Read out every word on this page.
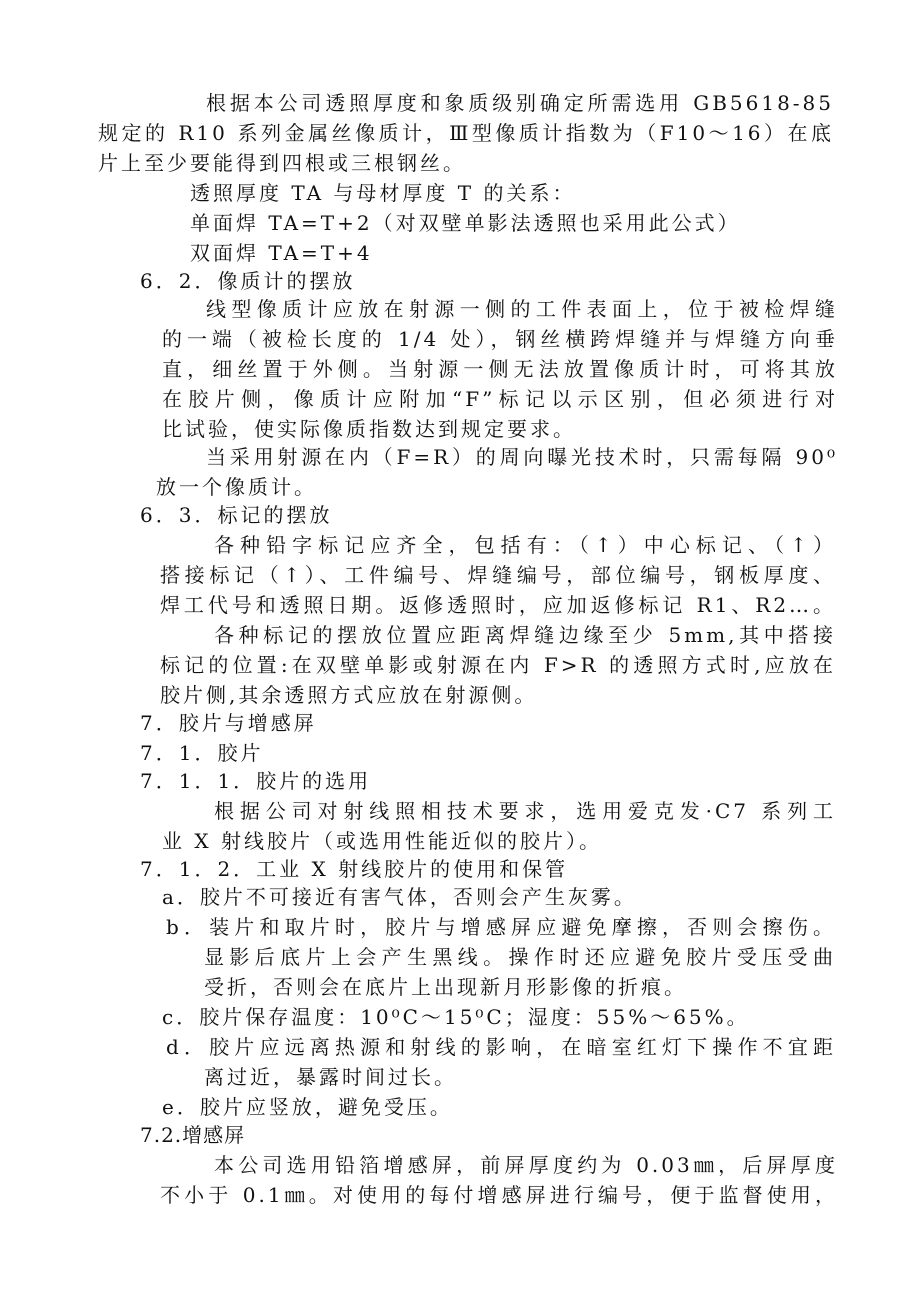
根据本公司透照厚度和象质级别确定所需选用 GB5618-85
规定的 R10 系列金属丝像质计，Ⅲ型像质计指数为（F10～16）在底
片上至少要能得到四根或三根钢丝。
透照厚度 TA 与母材厚度 T 的关系：
单面焊 TA=T+2（对双壁单影法透照也采用此公式）
双面焊 TA=T+4
6．2．像质计的摆放
线型像质计应放在射源一侧的工件表面上，位于被检焊缝
的一端（被检长度的 1/4 处），钢丝横跨焊缝并与焊缝方向垂
直，细丝置于外侧。当射源一侧无法放置像质计时，可将其放
在胶片侧，像质计应附加“F”标记以示区别，但必须进行对
比试验，使实际像质指数达到规定要求。
当采用射源在内（F=R）的周向曝光技术时，只需每隔 90⁰
放一个像质计。
6．3．标记的摆放
各种铅字标记应齐全，包括有：（↑）中心标记、（↑）
搭接标记（↑）、工件编号、焊缝编号，部位编号，钢板厚度、
焊工代号和透照日期。返修透照时，应加返修标记 R1、R2…。
各种标记的摆放位置应距离焊缝边缘至少 5mm,其中搭接
标记的位置:在双壁单影或射源在内 F>R 的透照方式时,应放在
胶片侧,其余透照方式应放在射源侧。
7．胶片与增感屏
7．1．胶片
7．1．1．胶片的选用
根据公司对射线照相技术要求，选用爱克发·C7 系列工
业 X 射线胶片（或选用性能近似的胶片）。
7．1．2．工业 X 射线胶片的使用和保管
a．胶片不可接近有害气体，否则会产生灰雾。
b．装片和取片时，胶片与增感屏应避免摩擦，否则会擦伤。
显影后底片上会产生黑线。操作时还应避免胶片受压受曲
受折，否则会在底片上出现新月形影像的折痕。
c．胶片保存温度：10⁰C～15⁰C；湿度：55%～65%。
d．胶片应远离热源和射线的影响，在暗室红灯下操作不宜距
离过近，暴露时间过长。
e．胶片应竖放，避免受压。
7.2.增感屏
本公司选用铅箔增感屏，前屏厚度约为 0.03㎜，后屏厚度
不小于 0.1㎜。对使用的每付增感屏进行编号，便于监督使用，
